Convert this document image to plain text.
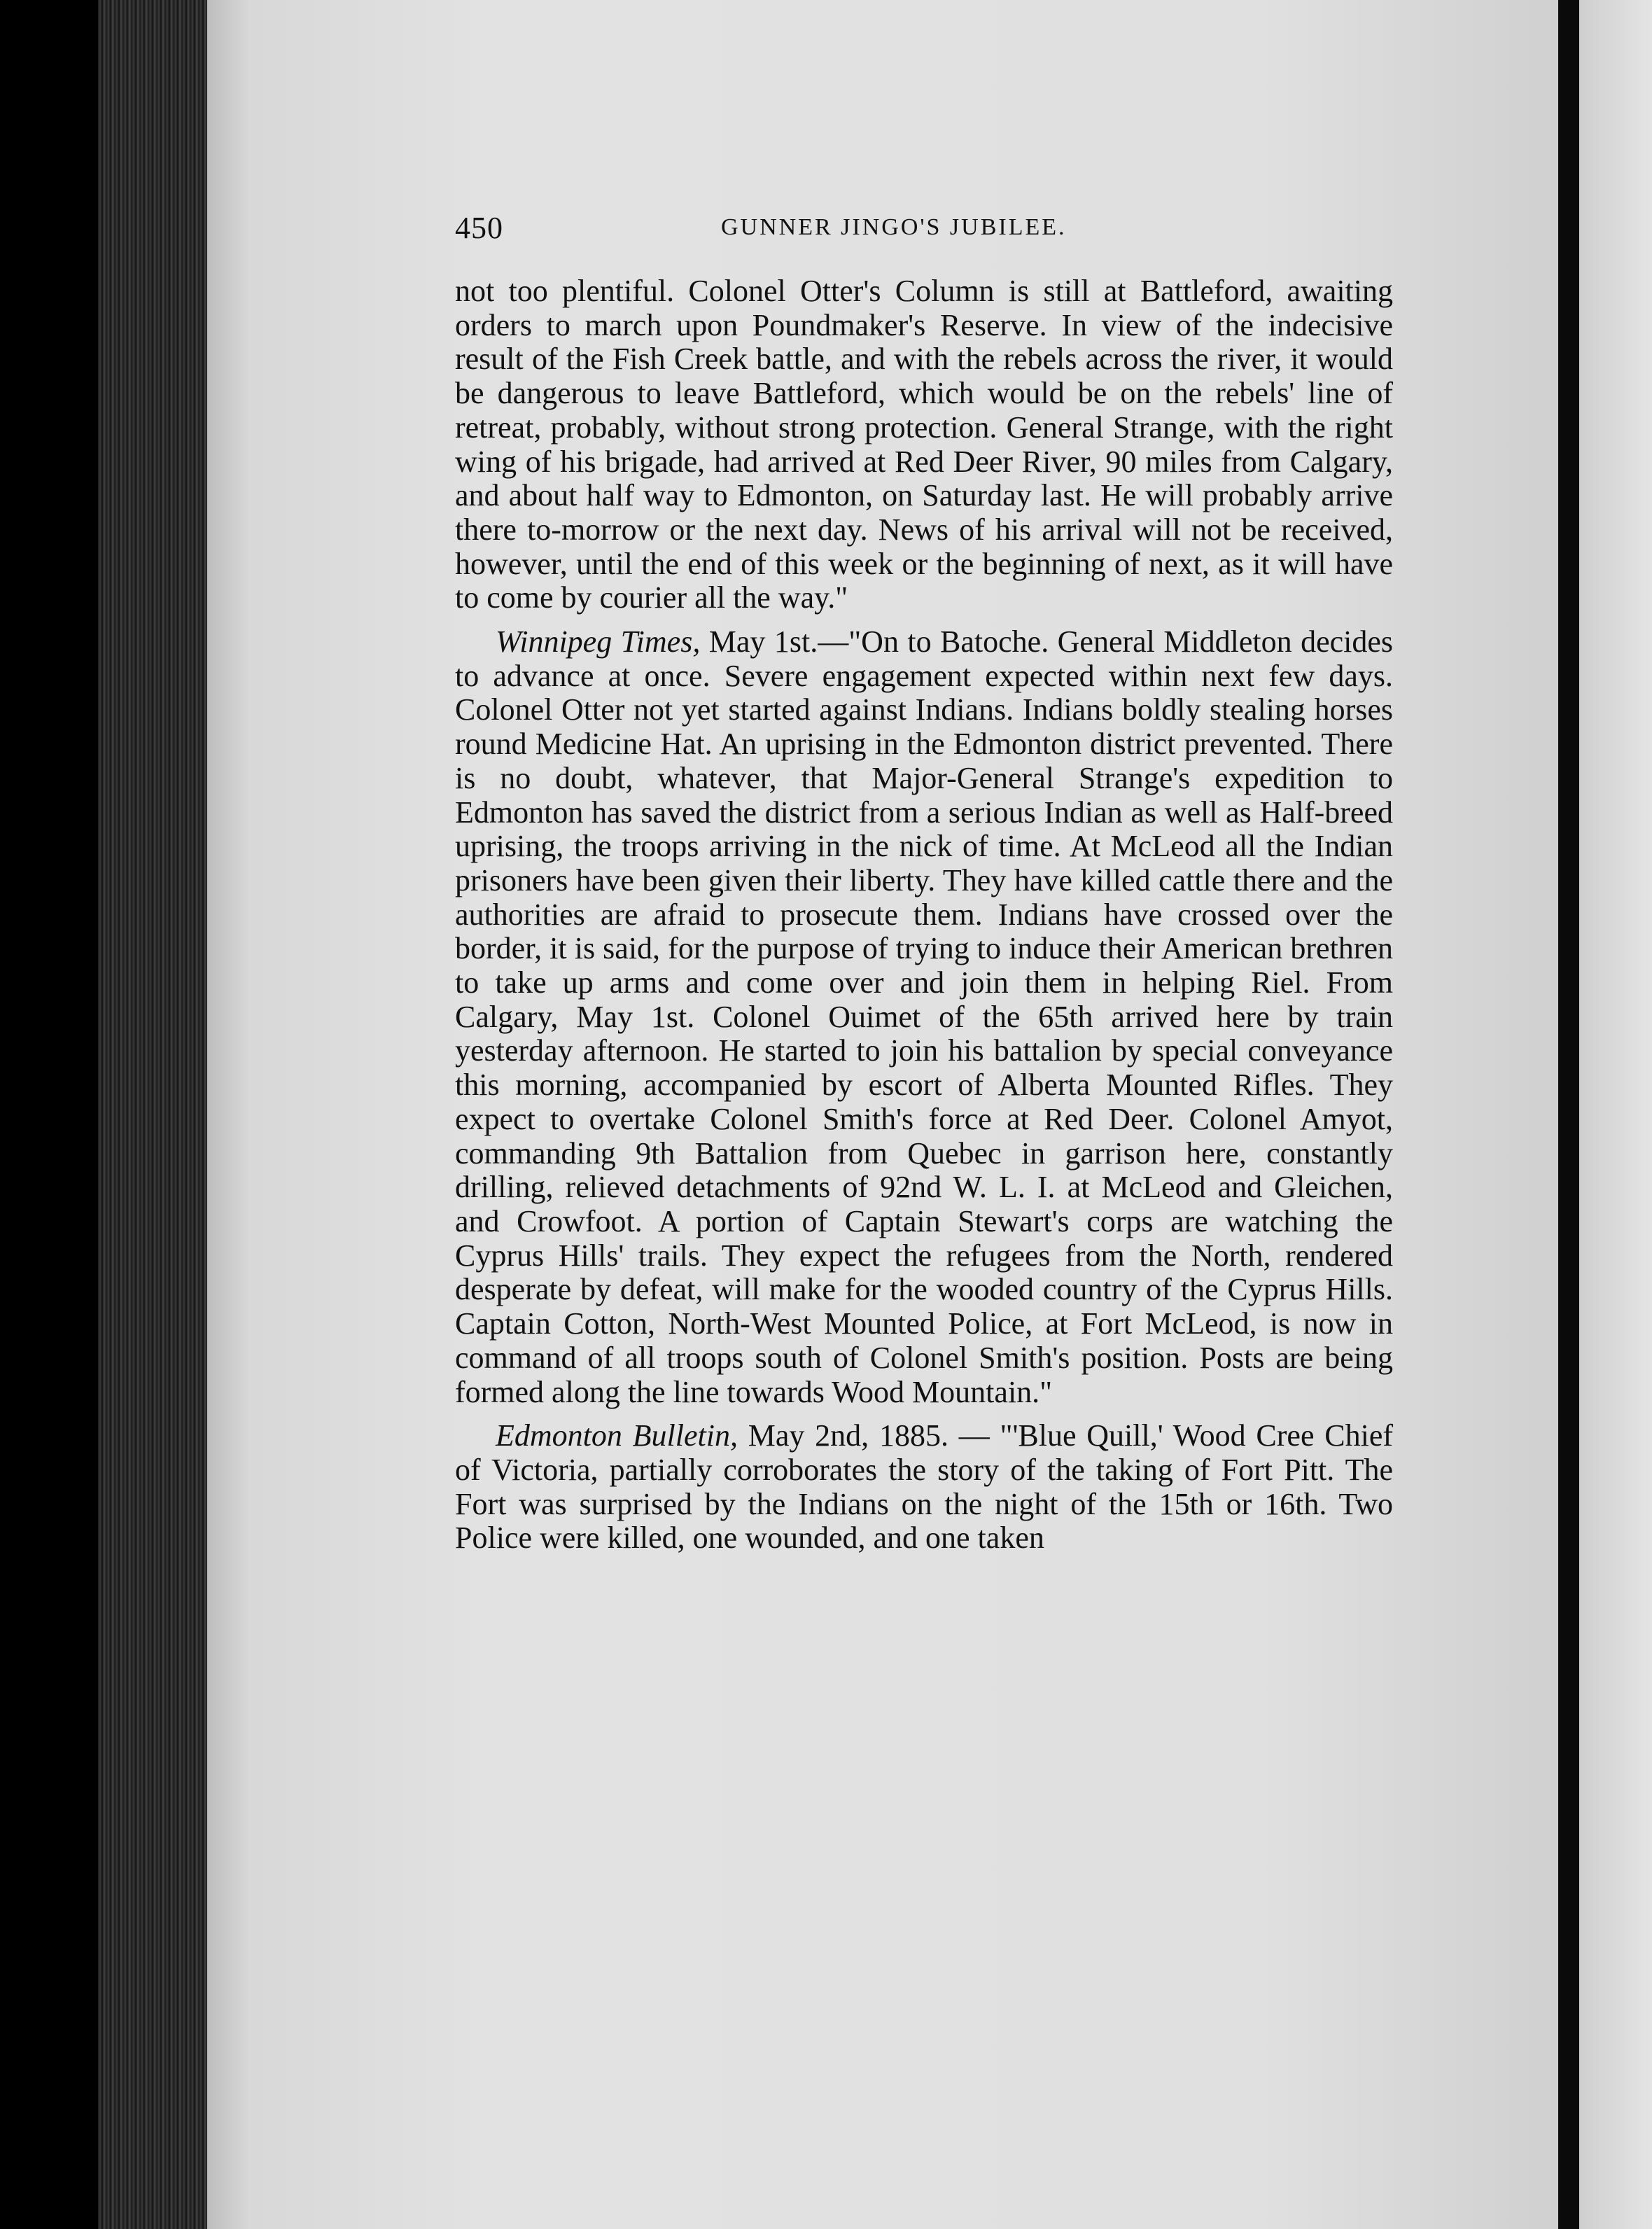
450	GUNNER JINGO'S JUBILEE.

not too plentiful. Colonel Otter's Column is still at Battleford, awaiting orders to march upon Poundmaker's Reserve. In view of the indecisive result of the Fish Creek battle, and with the rebels across the river, it would be dangerous to leave Battleford, which would be on the rebels' line of retreat, probably, without strong protection. General Strange, with the right wing of his brigade, had arrived at Red Deer River, 90 miles from Calgary, and about half way to Edmonton, on Saturday last. He will probably arrive there to-morrow or the next day. News of his arrival will not be received, however, until the end of this week or the beginning of next, as it will have to come by courier all the way."

Winnipeg Times, May 1st.—"On to Batoche. General Middleton decides to advance at once. Severe engagement expected within next few days. Colonel Otter not yet started against Indians. Indians boldly stealing horses round Medicine Hat. An uprising in the Edmonton district prevented. There is no doubt, whatever, that Major-General Strange's expedition to Edmonton has saved the district from a serious Indian as well as Half-breed uprising, the troops arriving in the nick of time. At McLeod all the Indian prisoners have been given their liberty. They have killed cattle there and the authorities are afraid to prosecute them. Indians have crossed over the border, it is said, for the purpose of trying to induce their American brethren to take up arms and come over and join them in helping Riel. From Calgary, May 1st. Colonel Ouimet of the 65th arrived here by train yesterday afternoon. He started to join his battalion by special conveyance this morning, accompanied by escort of Alberta Mounted Rifles. They expect to overtake Colonel Smith's force at Red Deer. Colonel Amyot, commanding 9th Battalion from Quebec in garrison here, constantly drilling, relieved detachments of 92nd W. L. I. at McLeod and Gleichen, and Crowfoot. A portion of Captain Stewart's corps are watching the Cyprus Hills' trails. They expect the refugees from the North, rendered desperate by defeat, will make for the wooded country of the Cyprus Hills. Captain Cotton, North-West Mounted Police, at Fort McLeod, is now in command of all troops south of Colonel Smith's position. Posts are being formed along the line towards Wood Mountain."

Edmonton Bulletin, May 2nd, 1885. — "'Blue Quill,' Wood Cree Chief of Victoria, partially corroborates the story of the taking of Fort Pitt. The Fort was surprised by the Indians on the night of the 15th or 16th. Two Police were killed, one wounded, and one taken
